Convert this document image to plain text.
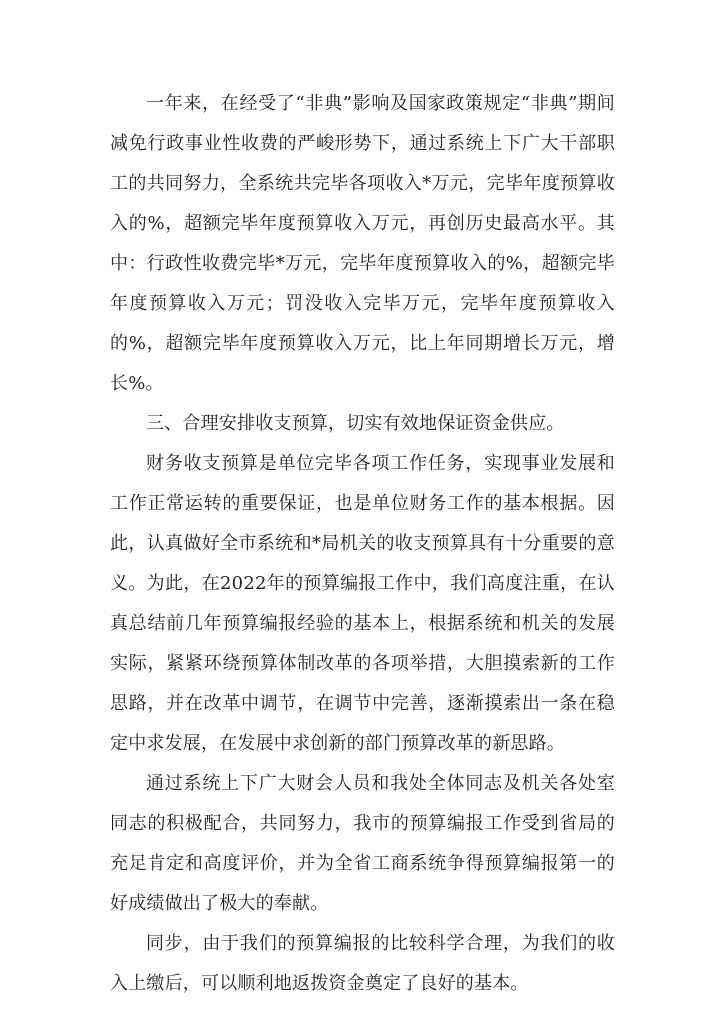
一年来，在经受了“非典”影响及国家政策规定“非典”期间减免行政事业性收费的严峻形势下，通过系统上下广大干部职工的共同努力，全系统共完毕各项收入*万元，完毕年度预算收入的%，超额完毕年度预算收入万元，再创历史最高水平。其中：行政性收费完毕*万元，完毕年度预算收入的%，超额完毕年度预算收入万元；罚没收入完毕万元，完毕年度预算收入的%，超额完毕年度预算收入万元，比上年同期增长万元，增长%。

三、合理安排收支预算，切实有效地保证资金供应。

财务收支预算是单位完毕各项工作任务，实现事业发展和工作正常运转的重要保证，也是单位财务工作的基本根据。因此，认真做好全市系统和*局机关的收支预算具有十分重要的意义。为此，在2022年的预算编报工作中，我们高度注重，在认真总结前几年预算编报经验的基本上，根据系统和机关的发展实际，紧紧环绕预算体制改革的各项举措，大胆摸索新的工作思路，并在改革中调节，在调节中完善，逐渐摸索出一条在稳定中求发展，在发展中求创新的部门预算改革的新思路。

通过系统上下广大财会人员和我处全体同志及机关各处室同志的积极配合，共同努力，我市的预算编报工作受到省局的充足肯定和高度评价，并为全省工商系统争得预算编报第一的好成绩做出了极大的奉献。

同步，由于我们的预算编报的比较科学合理，为我们的收入上缴后，可以顺利地返拨资金奠定了良好的基本。
